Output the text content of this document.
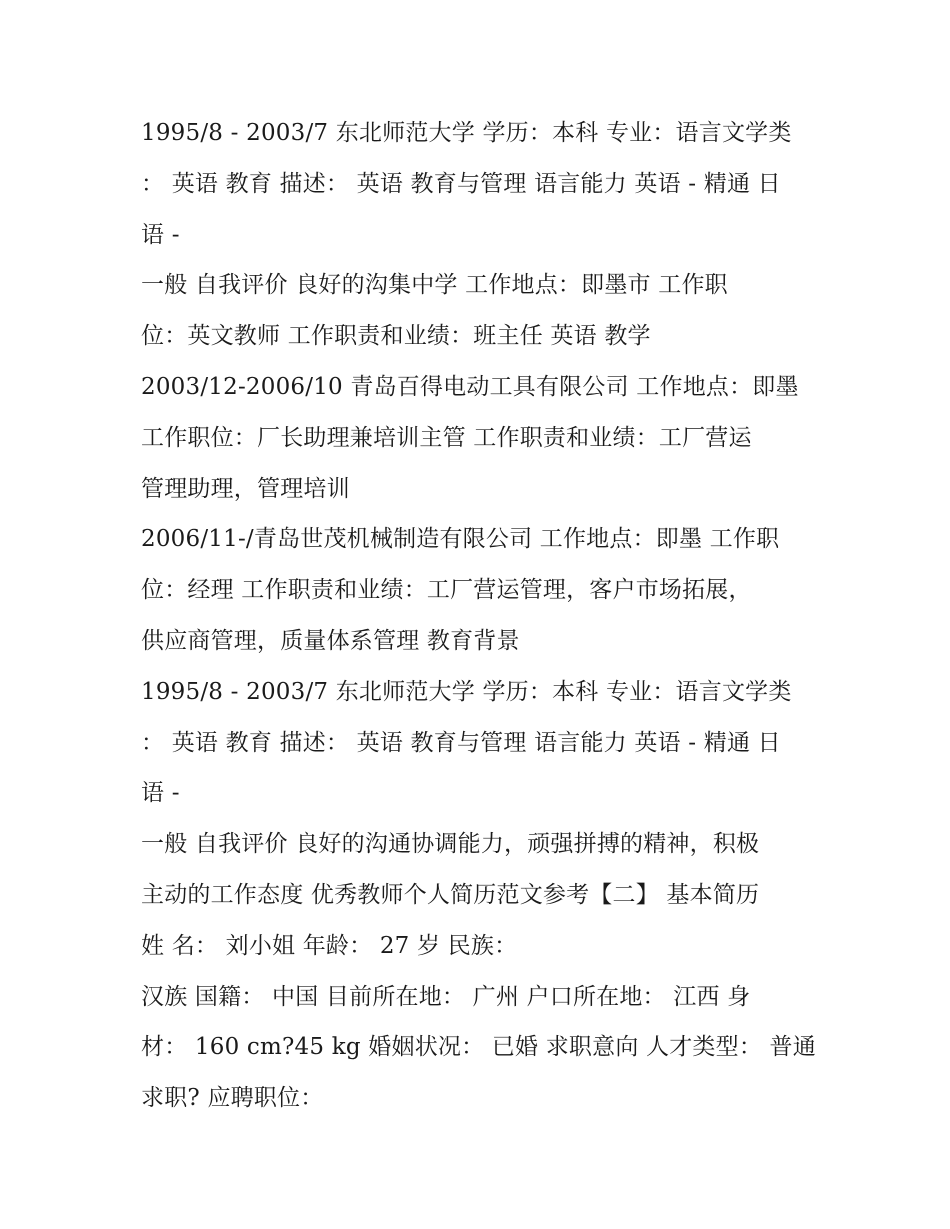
1995/8 - 2003/7 东北师范大学 学历：本科 专业：语言文学类
： 英语 教育 描述： 英语 教育与管理 语言能力 英语 - 精通 日
语 -
一般 自我评价 良好的沟集中学 工作地点：即墨市 工作职
位：英文教师 工作职责和业绩：班主任 英语 教学
2003/12-2006/10 青岛百得电动工具有限公司 工作地点：即墨
工作职位：厂长助理兼培训主管 工作职责和业绩：工厂营运
管理助理，管理培训
2006/11-/青岛世茂机械制造有限公司 工作地点：即墨 工作职
位：经理 工作职责和业绩：工厂营运管理，客户市场拓展，
供应商管理，质量体系管理 教育背景
1995/8 - 2003/7 东北师范大学 学历：本科 专业：语言文学类
： 英语 教育 描述： 英语 教育与管理 语言能力 英语 - 精通 日
语 -
一般 自我评价 良好的沟通协调能力，顽强拼搏的精神，积极
主动的工作态度 优秀教师个人简历范文参考【二】 基本简历
姓 名： 刘小姐 年龄： 27 岁 民族：
汉族 国籍： 中国 目前所在地： 广州 户口所在地： 江西 身
材： 160 cm?45 kg 婚姻状况： 已婚 求职意向 人才类型： 普通
求职? 应聘职位：
